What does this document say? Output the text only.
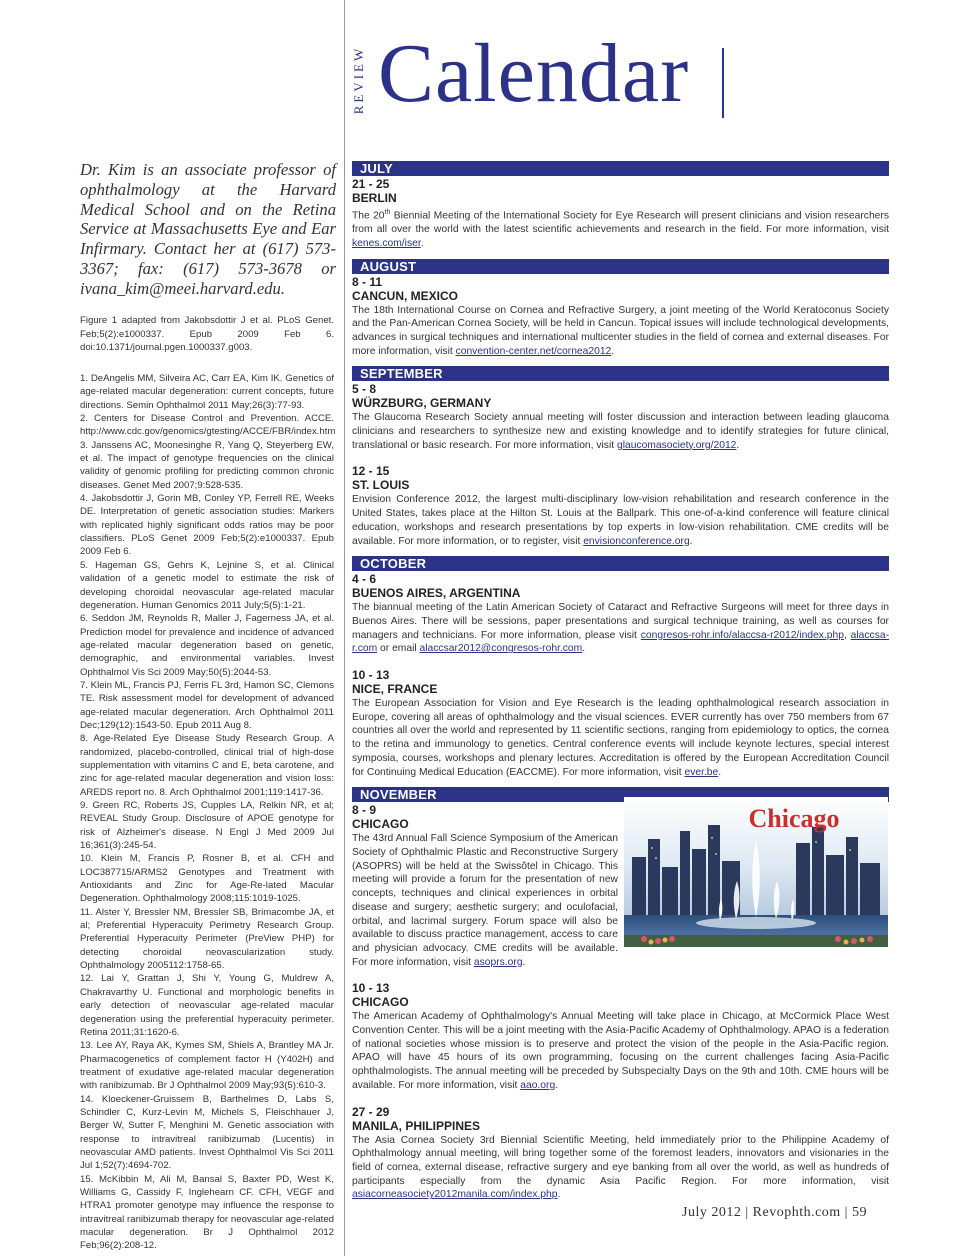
REVIEW Calendar
Dr. Kim is an associate professor of ophthalmology at the Harvard Medical School and on the Retina Service at Massachusetts Eye and Ear Infirmary. Contact her at (617) 573-3367; fax: (617) 573-3678 or ivana_kim@meei.harvard.edu.
Figure 1 adapted from Jakobsdottir J et al. PLoS Genet. Feb;5(2):e1000337. Epub 2009 Feb 6. doi:10.1371/journal.pgen.1000337.g003.
1. DeAngelis MM, Silveira AC, Carr EA, Kim IK. Genetics of age-related macular degeneration: current concepts, future directions. Semin Ophthalmol 2011 May;26(3):77-93.
2. Centers for Disease Control and Prevention. ACCE. http://www.cdc.gov/genomics/gtesting/ACCE/FBR/index.htm
3. Janssens AC, Moonesinghe R, Yang Q, Steyerberg EW, et al. The impact of genotype frequencies on the clinical validity of genomic profiling for predicting common chronic diseases. Genet Med 2007;9:528-535.
4. Jakobsdottir J, Gorin MB, Conley YP, Ferrell RE, Weeks DE. Interpretation of genetic association studies: Markers with replicated highly significant odds ratios may be poor classifiers. PLoS Genet 2009 Feb;5(2):e1000337. Epub 2009 Feb 6.
5. Hageman GS, Gehrs K, Lejnine S, et al. Clinical validation of a genetic model to estimate the risk of developing choroidal neovascular age-related macular degeneration. Human Genomics 2011 July;5(5):1-21.
6. Seddon JM, Reynolds R, Maller J, Fagerness JA, et al. Prediction model for prevalence and incidence of advanced age-related macular degeneration based on genetic, demographic, and environmental variables. Invest Ophthalmol Vis Sci 2009 May;50(5):2044-53.
7. Klein ML, Francis PJ, Ferris FL 3rd, Hamon SC, Clemons TE. Risk assessment model for development of advanced age-related macular degeneration. Arch Ophthalmol 2011 Dec;129(12):1543-50. Epub 2011 Aug 8.
8. Age-Related Eye Disease Study Research Group. A randomized, placebo-controlled, clinical trial of high-dose supplementation with vitamins C and E, beta carotene, and zinc for age-related macular degeneration and vision loss: AREDS report no. 8. Arch Ophthalmol 2001;119:1417-36.
9. Green RC, Roberts JS, Cupples LA, Relkin NR, et al; REVEAL Study Group. Disclosure of APOE genotype for risk of Alzheimer's disease. N Engl J Med 2009 Jul 16;361(3):245-54.
10. Klein M, Francis P, Rosner B, et al. CFH and LOC387715/ARMS2 Genotypes and Treatment with Antioxidants and Zinc for Age-Re-lated Macular Degeneration. Ophthalmology 2008;115:1019-1025.
11. Alster Y, Bressler NM, Bressler SB, Brimacombe JA, et al; Preferential Hyperacuity Perimetry Research Group. Preferential Hyperacuity Perimeter (PreView PHP) for detecting choroidal neovascularization study. Ophthalmology 2005112:1758-65.
12. Lai Y, Grattan J, Shi Y, Young G, Muldrew A, Chakravarthy U. Functional and morphologic benefits in early detection of neovascular age-related macular degeneration using the preferential hyperacuity perimeter. Retina 2011;31:1620-6.
13. Lee AY, Raya AK, Kymes SM, Shiels A, Brantley MA Jr. Pharmacogenetics of complement factor H (Y402H) and treatment of exudative age-related macular degeneration with ranibizumab. Br J Ophthalmol 2009 May;93(5):610-3.
14. Kloeckener-Gruissem B, Barthelmes D, Labs S, Schindler C, Kurz-Levin M, Michels S, Fleischhauer J, Berger W, Sutter F, Menghini M. Genetic association with response to intravitreal ranibizumab (Lucentis) in neovascular AMD patients. Invest Ophthalmol Vis Sci 2011 Jul 1;52(7):4694-702.
15. McKibbin M, Ali M, Bansal S, Baxter PD, West K, Williams G, Cassidy F, Inglehearn CF. CFH, VEGF and HTRA1 promoter genotype may influence the response to intravitreal ranibizumab therapy for neovascular age-related macular degeneration. Br J Ophthalmol 2012 Feb;96(2):208-12.
JULY
21 - 25
BERLIN
The 20th Biennial Meeting of the International Society for Eye Research will present clinicians and vision researchers from all over the world with the latest scientific achievements and research in the field. For more information, visit kenes.com/iser.
AUGUST
8 - 11
CANCUN, MEXICO
The 18th International Course on Cornea and Refractive Surgery, a joint meeting of the World Keratoconus Society and the Pan-American Cornea Society, will be held in Cancun. Topical issues will include technological developments, advances in surgical techniques and international multicenter studies in the field of cornea and external diseases. For more information, visit convention-center.net/cornea2012.
SEPTEMBER
5 - 8
WÜRZBURG, GERMANY
The Glaucoma Research Society annual meeting will foster discussion and interaction between leading glaucoma clinicians and researchers to synthesize new and existing knowledge and to identify strategies for future clinical, translational or basic research. For more information, visit glaucomasociety.org/2012.
12 - 15
ST. LOUIS
Envision Conference 2012, the largest multi-disciplinary low-vision rehabilitation and research conference in the United States, takes place at the Hilton St. Louis at the Ballpark. This one-of-a-kind conference will feature clinical education, workshops and research presentations by top experts in low-vision rehabilitation. CME credits will be available. For more information, or to register, visit envisionconference.org.
OCTOBER
4 - 6
BUENOS AIRES, ARGENTINA
The biannual meeting of the Latin American Society of Cataract and Refractive Surgeons will meet for three days in Buenos Aires. There will be sessions, paper presentations and surgical technique training, as well as courses for managers and technicians. For more information, please visit congresos-rohr.info/alaccsa-r2012/index.php, alaccsa-r.com or email alaccsar2012@congresos-rohr.com.
10 - 13
NICE, FRANCE
The European Association for Vision and Eye Research is the leading ophthalmological research association in Europe, covering all areas of ophthalmology and the visual sciences. EVER currently has over 750 members from 67 countries all over the world and represented by 11 scientific sections, ranging from epidemiology to optics, the cornea to the retina and immunology to genetics. Central conference events will include keynote lectures, special interest symposia, courses, workshops and plenary lectures. Accreditation is offered by the European Accreditation Council for Continuing Medical Education (EACCME). For more information, visit ever.be.
NOVEMBER
8 - 9
CHICAGO
The 43rd Annual Fall Science Symposium of the American Society of Ophthalmic Plastic and Reconstructive Surgery (ASOPRS) will be held at the Swissôtel in Chicago. This meeting will provide a forum for the presentation of new concepts, techniques and clinical experiences in orbital disease and surgery; aesthetic surgery; and oculofacial, orbital, and lacrimal surgery. Forum space will also be available to discuss practice management, access to care and physician advocacy. CME credits will be available. For more information, visit asoprs.org.
Chicago
10 - 13
CHICAGO
The American Academy of Ophthalmology's Annual Meeting will take place in Chicago, at McCormick Place West Convention Center. This will be a joint meeting with the Asia-Pacific Academy of Ophthalmology. APAO is a federation of national societies whose mission is to preserve and protect the vision of the people in the Asia-Pacific region. APAO will have 45 hours of its own programming, focusing on the current challenges facing Asia-Pacific ophthalmologists. The annual meeting will be preceded by Subspecialty Days on the 9th and 10th. CME hours will be available. For more information, visit aao.org.
27 - 29
MANILA, PHILIPPINES
The Asia Cornea Society 3rd Biennial Scientific Meeting, held immediately prior to the Philippine Academy of Ophthalmology annual meeting, will bring together some of the foremost leaders, innovators and visionaries in the field of cornea, external disease, refractive surgery and eye banking from all over the world, as well as hundreds of participants especially from the dynamic Asia Pacific Region. For more information, visit asiacorneasociety2012manila.com/index.php.
July 2012 | Revophth.com | 59
